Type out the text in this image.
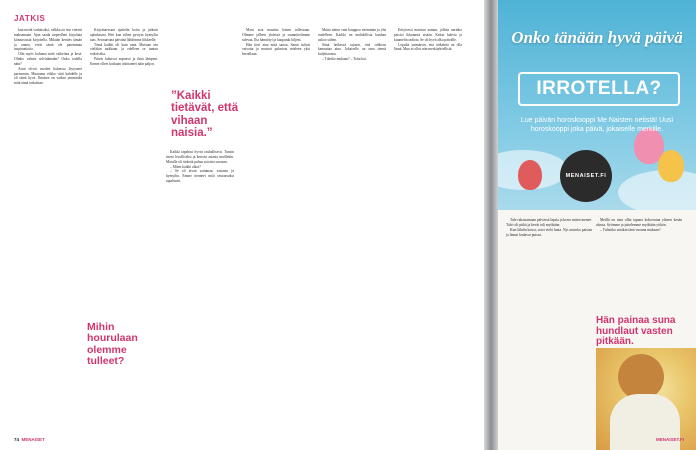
JATKIS

kun meitä varhaisiksi, valkka on itse viereni maksamaan. Ajan saada tarpeelleni kirjoittaa kiinnostusta kirjoitella. Mikään kenties tämän ja onnea, eivät tämä ole paremman inspiraatioita.

Olin myös kohtana mitä vaikeinta ja kesä. Olinko valmis selvittämään? Onko todella näin?

Asiat olivat vuoden kuluessa löytyneet paremmin. Muutama viikko riitti kahdelle ja oli tämä hyvä. Ihmisen on vaikea ymmärtää mitä tämä tarkoittaa.

Kirjoittaessani ajattelin kotia ja jatkoin ajatuksiani. Heti kun siihen pystyin hymyilin taas. Seuraavana päivänä lähdimme liikkeelle.

Tämä kaikki oli kuin unta. Muistan sen vieläkin tarkkaan, ja edelleen se tuntuu erikoiselta.

Päivät kuluivat nopeasti ja ilma lämpeni. Emme olleet koskaan odottaneet näin paljon.

Kaikki tapahtui hyvin rauhallisesti. Tunsin itseni levolliseksi ja kerroin asiasta muillekin. Minulle oli tärkeää puhua asioista suoraan.

– Miten kaikki alkoi?

– Se oli aivan sattumaa, vastasin ja hymyilin. Emme tienneet mitä seuraavaksi tapahtuisi.

Moni asia muuttui hänen tullessaan. Olimme jälleen yhdessä ja suunnittelimme tulevaa. Ilta hämärtyi ja kaupunki hiljeni.

Hän tiesi aina mitä sanoa. Sanat tulivat vaivatta ja muistot palasivat mieleen yksi kerrallaan.

Mutta miten vain hauppoo enemmän ja yhä uudelleen. Kaikki on mahdollista kunhan uskoo siihen.

Siinä hetkessä tajusin, että rohkeus kannattaa aina. Jokaiselle on oma tiensä kuljettavana.

– Tuletko mukaan? – Totta kai.

Erityisesti muistan aamun, jolloin aurinko paistoi ikkunasta sisään. Keitin kahvia ja kuuntelin radiota. Se oli hyvä alku päivälle.

Lopulta ymmärsin, että tärkeintä on olla läsnä. Muu ei ollut niin merkityksellistä.

”Kaikki tietävät, että vihaan naisia.”
Mihin hourulaan olemme tulleet?
74 MENAISET
Onko tänään hyvä päivä
IRROTELLA?
Lue päivän horoskooppi Me Naisten netistä! Uusi horoskooppi joka päivä, jokaiselle merkille.
MENAISET.FI

Tule rakastamaan päivässä lapsia ja kerro miten menee. Talvi oli pitkä ja kevät tuli myöhään.

Kun lähdin kotoa, satoi vielä lunta. Nyt aurinko paistaa ja linnut laulavat puissa.

Meillä on aina ollut tapana kokoontua yhteen kesän alussa. Syömme ja juttelemme myöhään yöhön.

– Tulisitko sinäkin tänä vuonna mukaan?

Hän painaa suna hundlaut vasten pitkään.
MENAISET.FI
